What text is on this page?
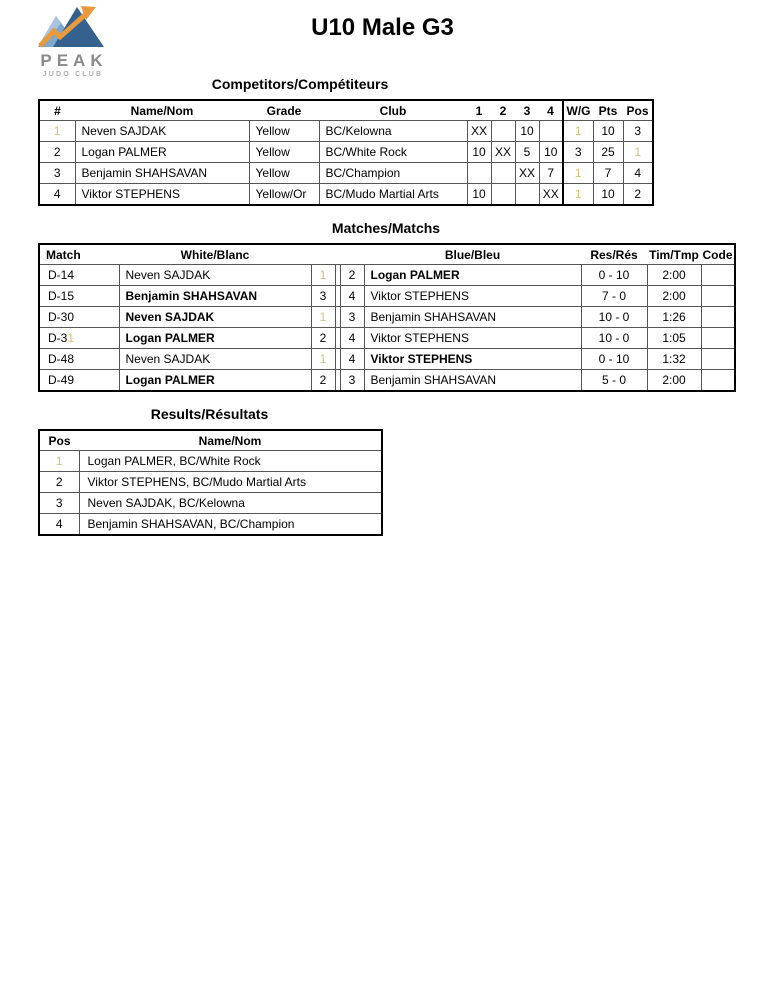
PEAK
JUDO CLUB
U10 Male G3
Competitors/Compétiteurs
#	Name/Nom	Grade	Club	1	2	3	4	W/G	Pts	Pos
1	Neven SAJDAK	Yellow	BC/Kelowna	XX		10		1	10	3
2	Logan PALMER	Yellow	BC/White Rock	10	XX	5	10	3	25	1
3	Benjamin SHAHSAVAN	Yellow	BC/Champion			XX	7	1	7	4
4	Viktor STEPHENS	Yellow/Or	BC/Mudo Martial Arts	10			XX	1	10	2
Matches/Matchs
Match	White/Blanc				Blue/Bleu	Res/Rés	Tim/Tmp	Code
D-14	Neven SAJDAK	1		2	Logan PALMER	0 - 10	2:00	
D-15	Benjamin SHAHSAVAN	3		4	Viktor STEPHENS	7 - 0	2:00	
D-30	Neven SAJDAK	1		3	Benjamin SHAHSAVAN	10 - 0	1:26	
D-31	Logan PALMER	2		4	Viktor STEPHENS	10 - 0	1:05	
D-48	Neven SAJDAK	1		4	Viktor STEPHENS	0 - 10	1:32	
D-49	Logan PALMER	2		3	Benjamin SHAHSAVAN	5 - 0	2:00	
Results/Résultats
Pos	Name/Nom
1	Logan PALMER, BC/White Rock
2	Viktor STEPHENS, BC/Mudo Martial Arts
3	Neven SAJDAK, BC/Kelowna
4	Benjamin SHAHSAVAN, BC/Champion
